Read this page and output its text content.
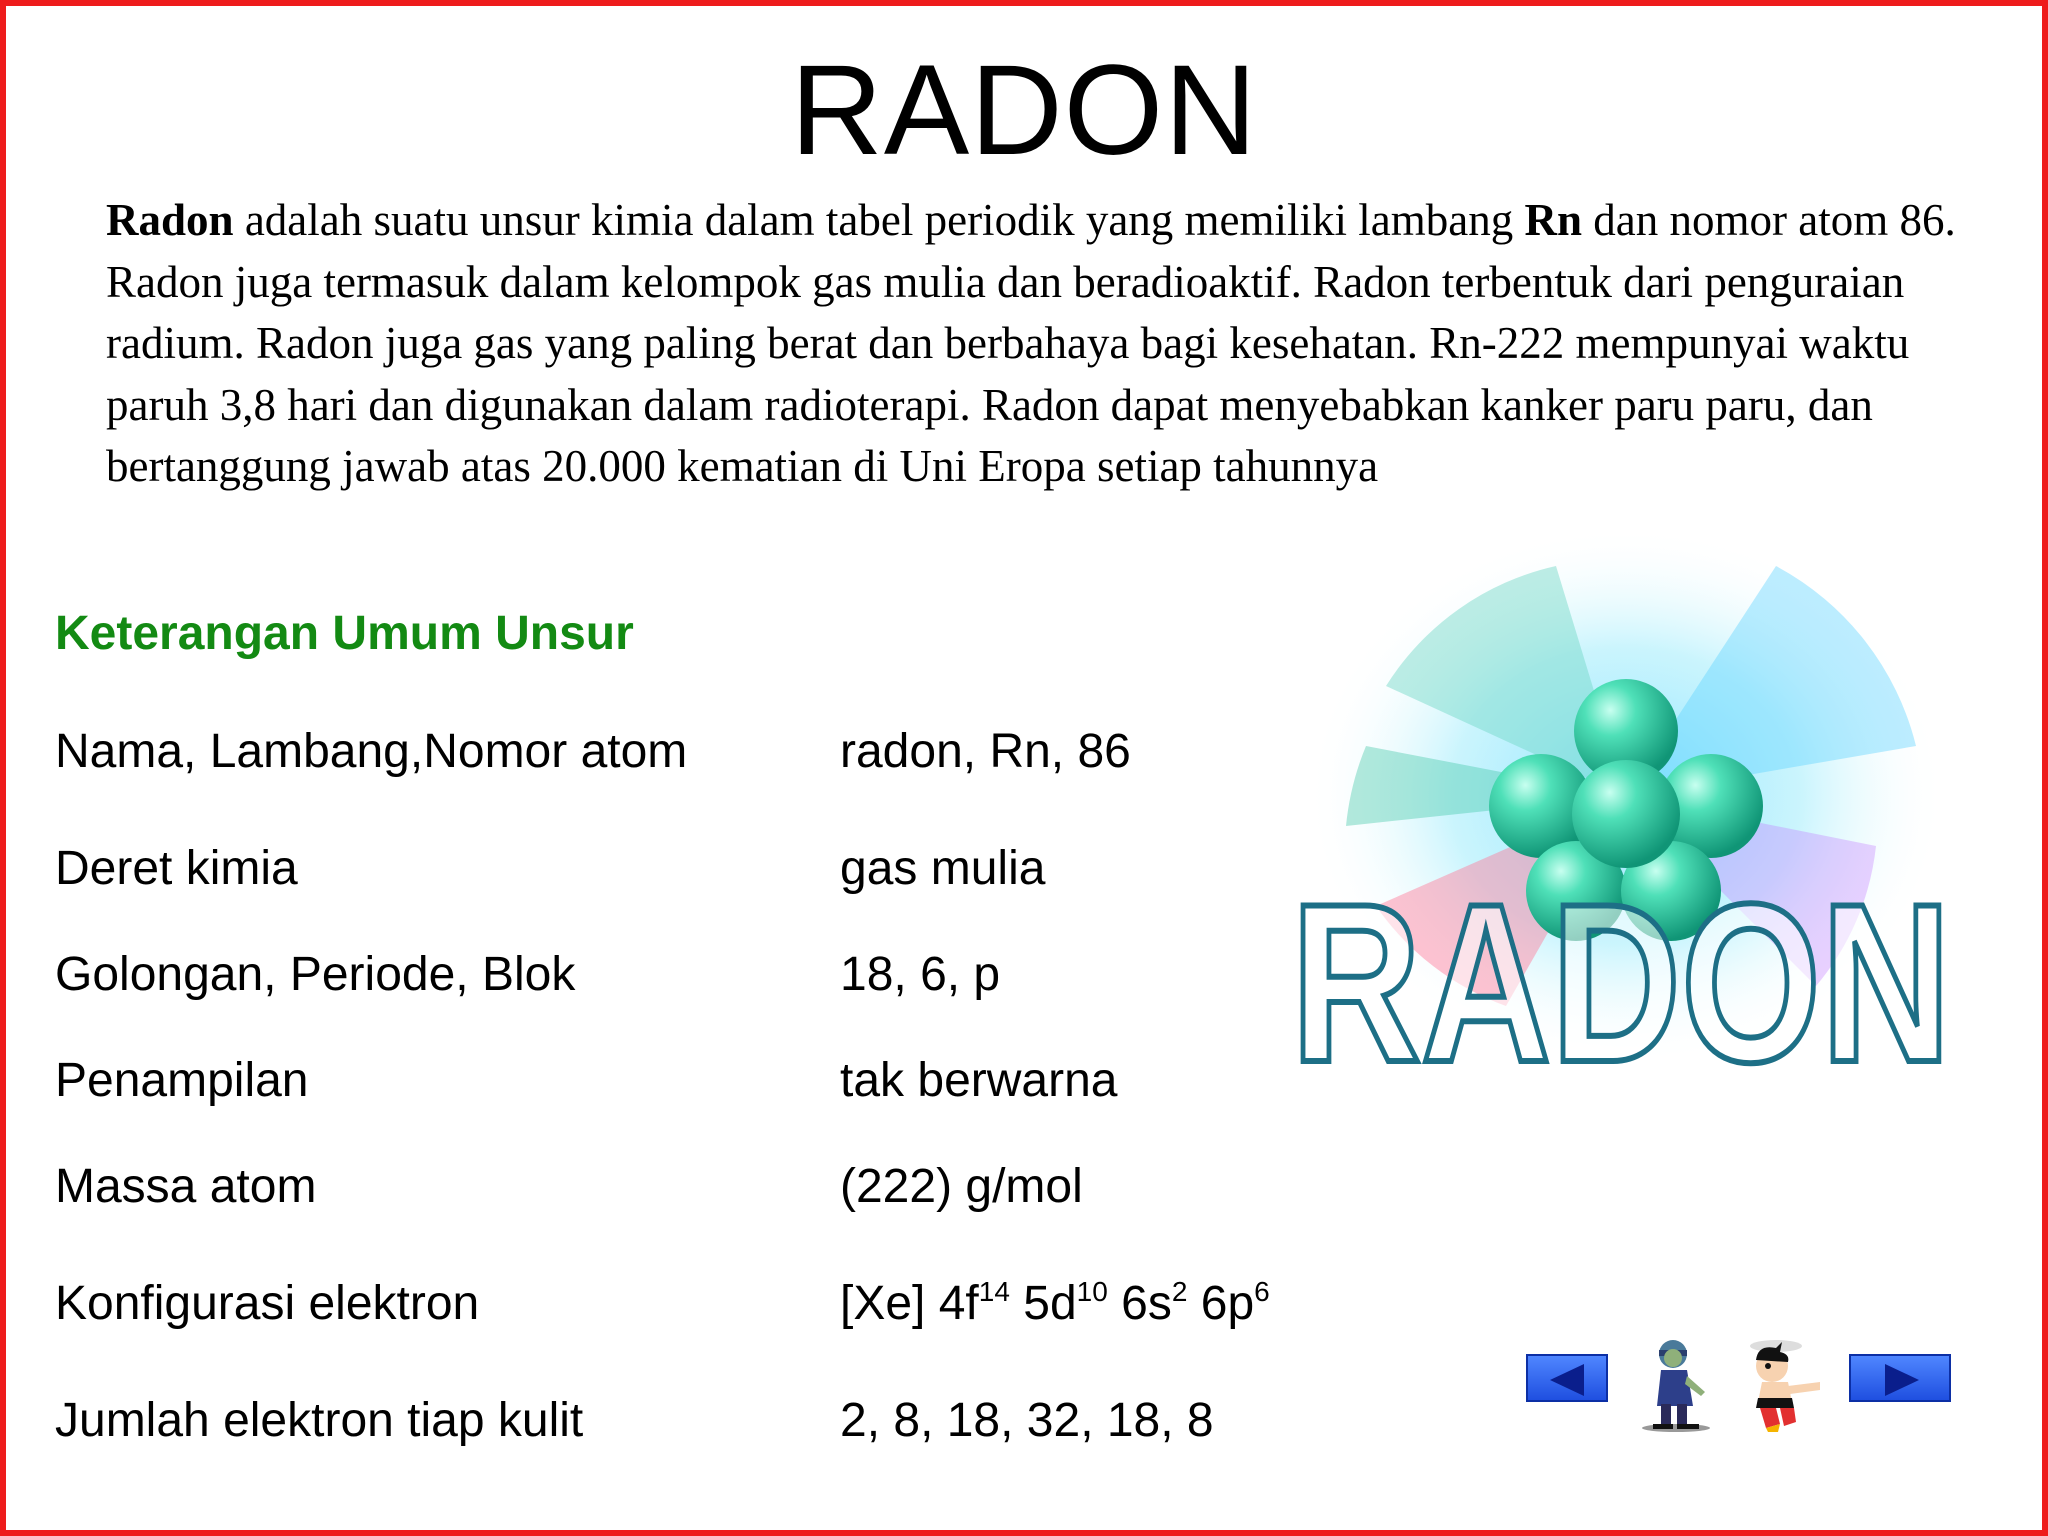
RADON

Radon adalah suatu unsur kimia dalam tabel periodik yang memiliki lambang Rn dan nomor atom 86. Radon juga termasuk dalam kelompok gas mulia dan beradioaktif. Radon terbentuk dari penguraian radium. Radon juga gas yang paling berat dan berbahaya bagi kesehatan. Rn-222 mempunyai waktu paruh 3,8 hari dan digunakan dalam radioterapi. Radon dapat menyebabkan kanker paru paru, dan bertanggung jawab atas 20.000 kematian di Uni Eropa setiap tahunnya

Keterangan Umum Unsur
Nama, Lambang,Nomor atom	radon, Rn, 86
Deret kimia	gas mulia
Golongan, Periode, Blok	18, 6, p
Penampilan	tak berwarna
Massa atom	(222) g/mol
Konfigurasi elektron	[Xe] $4f^{14}$ $5d^{10}$ $6s^2$ $6p^6$
Jumlah elektron tiap kulit	2, 8, 18, 32, 18, 8
RADON
